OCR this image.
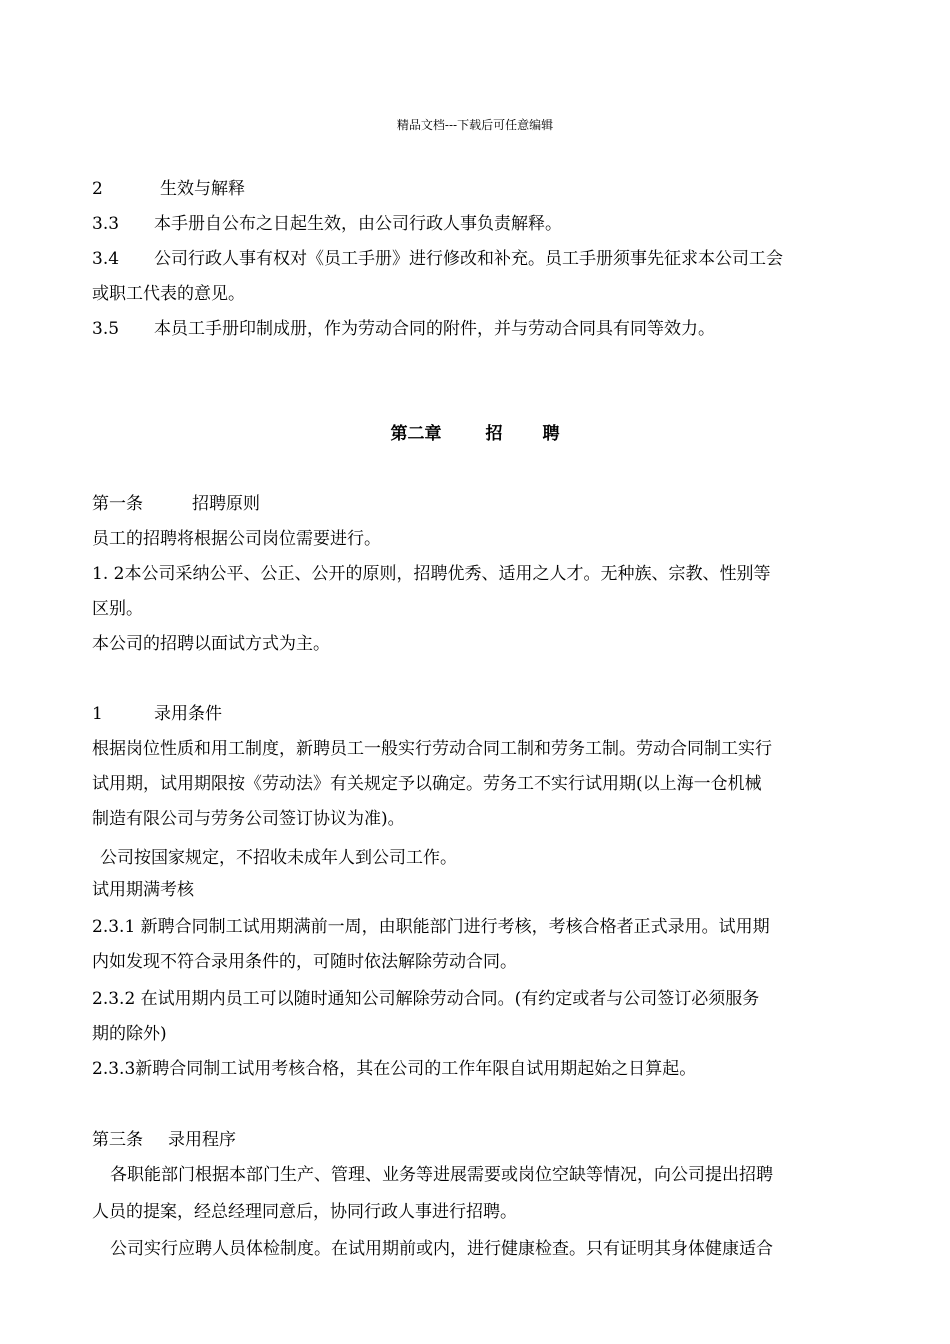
精品文档---下载后可任意编辑
2	生效与解释
3.3 本手册自公布之日起生效，由公司行政人事负责解释。
3.4 公司行政人事有权对《员工手册》进行修改和补充。员工手册须事先征求本公司工会
或职工代表的意见。
3.5 本员工手册印制成册，作为劳动合同的附件，并与劳动合同具有同等效力。
第二章	招 聘
第一条	招聘原则
员工的招聘将根据公司岗位需要进行。
1. 2本公司采纳公平、公正、公开的原则，招聘优秀、适用之人才。无种族、宗教、性别等
区别。
本公司的招聘以面试方式为主。
1	录用条件
根据岗位性质和用工制度，新聘员工一般实行劳动合同工制和劳务工制。劳动合同制工实行
试用期，试用期限按《劳动法》有关规定予以确定。劳务工不实行试用期(以上海一仓机械
制造有限公司与劳务公司签订协议为准)。
公司按国家规定，不招收未成年人到公司工作。
试用期满考核
2.3.1 新聘合同制工试用期满前一周，由职能部门进行考核，考核合格者正式录用。试用期
内如发现不符合录用条件的，可随时依法解除劳动合同。
2.3.2 在试用期内员工可以随时通知公司解除劳动合同。(有约定或者与公司签订必须服务
期的除外)
2.3.3新聘合同制工试用考核合格，其在公司的工作年限自试用期起始之日算起。
第三条 录用程序
各职能部门根据本部门生产、管理、业务等进展需要或岗位空缺等情况，向公司提出招聘
人员的提案，经总经理同意后，协同行政人事进行招聘。
公司实行应聘人员体检制度。在试用期前或内，进行健康检查。只有证明其身体健康适合
